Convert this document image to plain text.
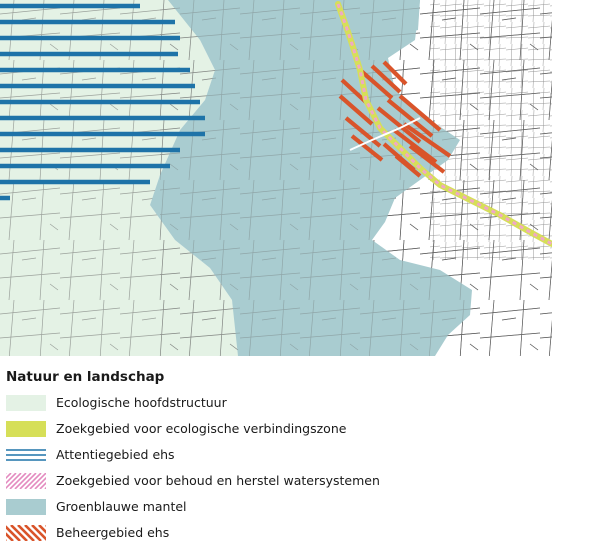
Natuur en landschap
Ecologische hoofdstructuur
Zoekgebied voor ecologische verbindingszone
Attentiegebied ehs
Zoekgebied voor behoud en herstel watersystemen
Groenblauwe mantel
Beheergebied ehs
